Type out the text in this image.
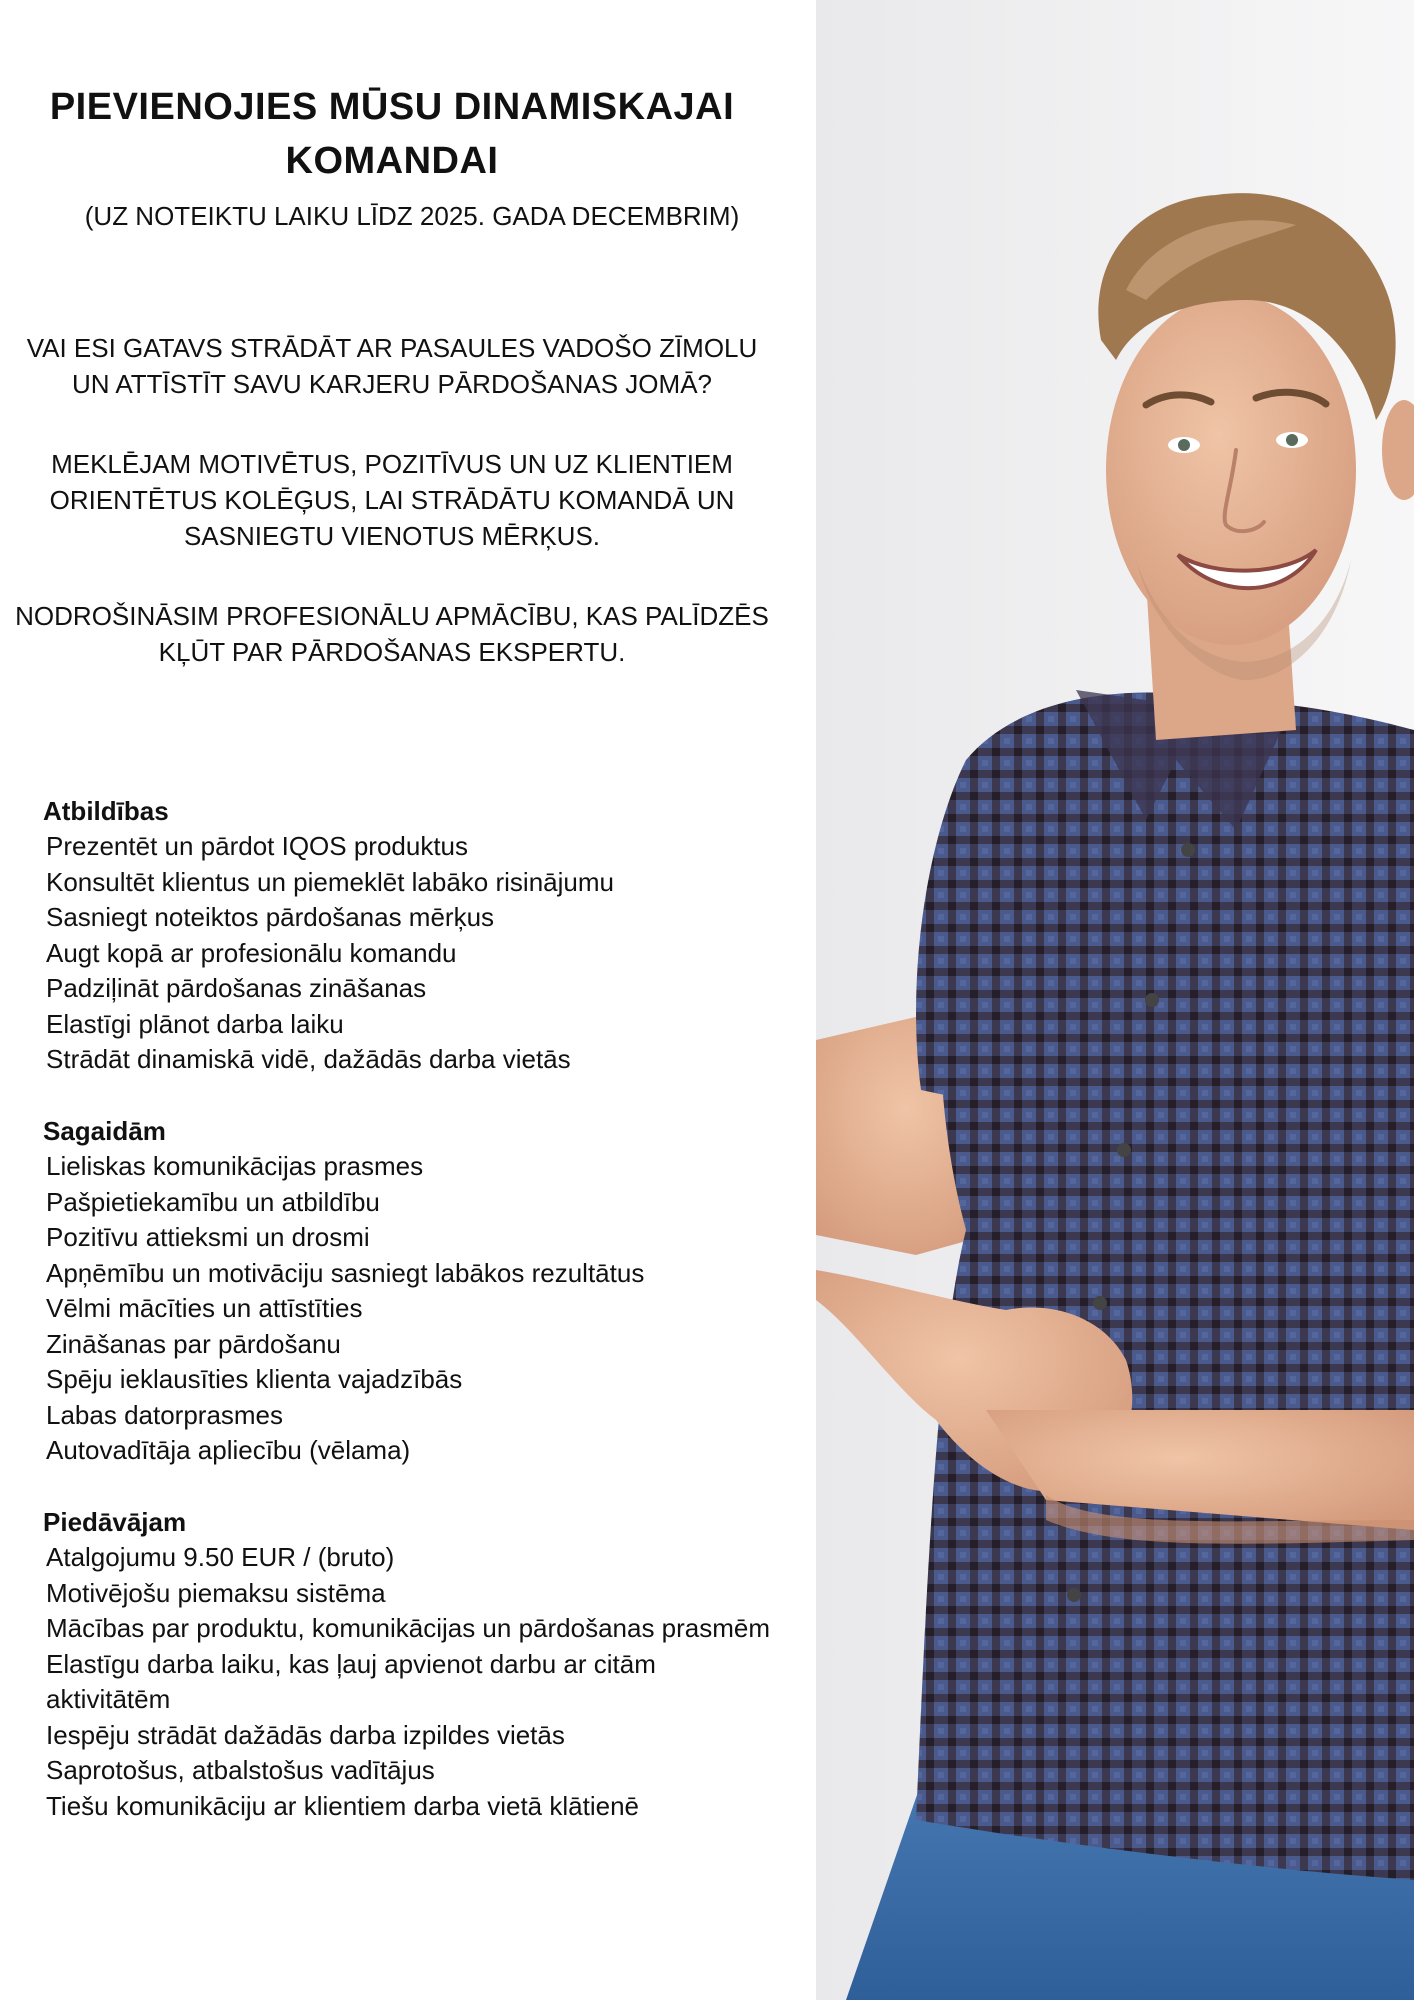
PIEVIENOJIES MŪSU DINAMISKAJAI KOMANDAI

(UZ NOTEIKTU LAIKU LĪDZ 2025. GADA DECEMBRIM)

VAI ESI GATAVS STRĀDĀT AR PASAULES VADOŠO ZĪMOLU UN ATTĪSTĪT SAVU KARJERU PĀRDOŠANAS JOMĀ?

MEKLĒJAM MOTIVĒTUS, POZITĪVUS UN UZ KLIENTIEM ORIENTĒTUS KOLĒĢUS, LAI STRĀDĀTU KOMANDĀ UN SASNIEGTU VIENOTUS MĒRĶUS.

NODROŠINĀSIM PROFESIONĀLU APMĀCĪBU, KAS PALĪDZĒS KĻŪT PAR PĀRDOŠANAS EKSPERTU.

Atbildības
Prezentēt un pārdot IQOS produktus
Konsultēt klientus un piemeklēt labāko risinājumu
Sasniegt noteiktos pārdošanas mērķus
Augt kopā ar profesionālu komandu
Padziļināt pārdošanas zināšanas
Elastīgi plānot darba laiku
Strādāt dinamiskā vidē, dažādās darba vietās
Sagaidām
Lieliskas komunikācijas prasmes
Pašpietiekamību un atbildību
Pozitīvu attieksmi un drosmi
Apņēmību un motivāciju sasniegt labākos rezultātus
Vēlmi mācīties un attīstīties
Zināšanas par pārdošanu
Spēju ieklausīties klienta vajadzībās
Labas datorprasmes
Autovadītāja apliecību (vēlama)
Piedāvājam
Atalgojumu 9.50 EUR / (bruto)
Motivējošu piemaksu sistēma
Mācības par produktu, komunikācijas un pārdošanas prasmēm
Elastīgu darba laiku, kas ļauj apvienot darbu ar citām aktivitātēm
Iespēju strādāt dažādās darba izpildes vietās
Saprotošus, atbalstošus vadītājus
Tiešu komunikāciju ar klientiem darba vietā klātienē
